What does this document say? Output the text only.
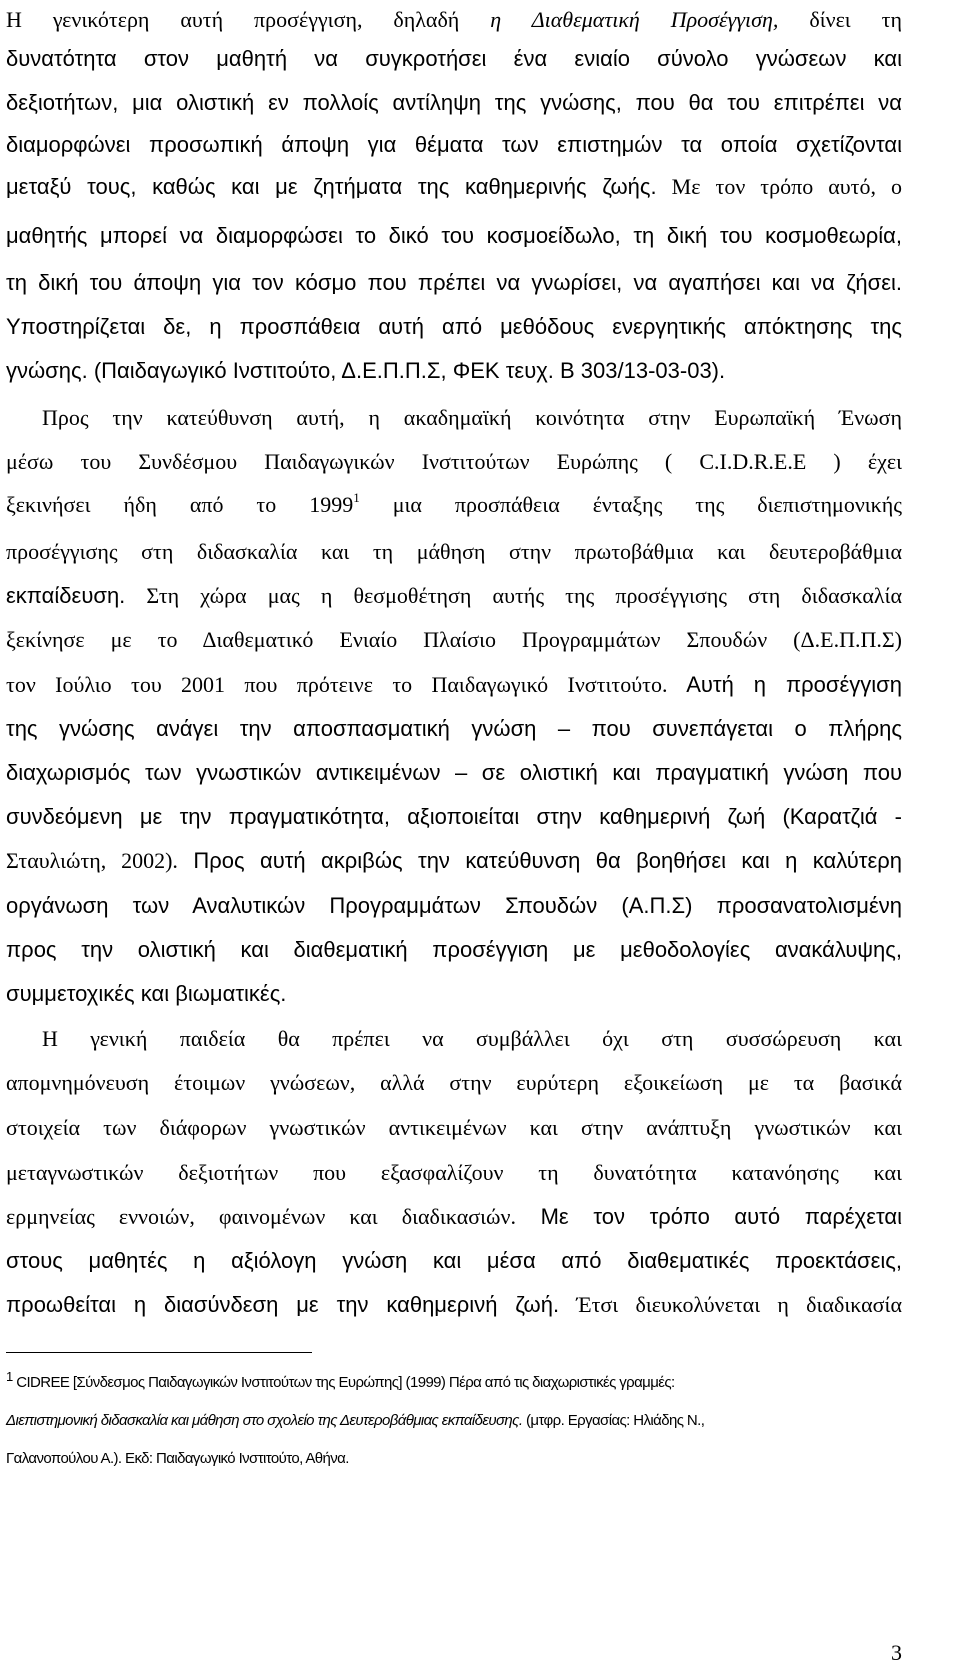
Η γενικότερη αυτή προσέγγιση, δηλαδή η Διαθεματική Προσέγγιση, δίνει τη
δυνατότητα στον μαθητή να συγκροτήσει ένα ενιαίο σύνολο γνώσεων και
δεξιοτήτων, μια ολιστική εν πολλοίς αντίληψη της γνώσης, που θα του επιτρέπει να
διαμορφώνει προσωπική άποψη για θέματα των επιστημών τα οποία σχετίζονται
μεταξύ τους, καθώς και με ζητήματα της καθημερινής ζωής. Με τον τρόπο αυτό, ο
μαθητής μπορεί να διαμορφώσει το δικό του κοσμοείδωλο, τη δική του κοσμοθεωρία,
τη δική του άποψη για τον κόσμο που πρέπει να γνωρίσει, να αγαπήσει και να ζήσει.
Υποστηρίζεται δε, η προσπάθεια αυτή από μεθόδους ενεργητικής απόκτησης της
γνώσης. (Παιδαγωγικό Ινστιτούτο, Δ.Ε.Π.Π.Σ, ΦΕΚ τευχ. Β 303/13-03-03).
Προς την κατεύθυνση αυτή, η ακαδημαϊκή κοινότητα στην Ευρωπαϊκή Ένωση
μέσω του Συνδέσμου Παιδαγωγικών Ινστιτούτων Ευρώπης ( C.I.D.R.E.E ) έχει
ξεκινήσει ήδη από το 1999$^1$ μια προσπάθεια ένταξης της διεπιστημονικής
προσέγγισης στη διδασκαλία και τη μάθηση στην πρωτοβάθμια και δευτεροβάθμια
εκπαίδευση. Στη χώρα μας η θεσμοθέτηση αυτής της προσέγγισης στη διδασκαλία
ξεκίνησε με το Διαθεματικό Ενιαίο Πλαίσιο Προγραμμάτων Σπουδών (Δ.Ε.Π.Π.Σ)
τον Ιούλιο του 2001 που πρότεινε το Παιδαγωγικό Ινστιτούτο. Αυτή η προσέγγιση
της γνώσης ανάγει την αποσπασματική γνώση – που συνεπάγεται ο πλήρης
διαχωρισμός των γνωστικών αντικειμένων – σε ολιστική και πραγματική γνώση που
συνδεόμενη με την πραγματικότητα, αξιοποιείται στην καθημερινή ζωή (Καρατζιά -
Σταυλιώτη, 2002). Προς αυτή ακριβώς την κατεύθυνση θα βοηθήσει και η καλύτερη
οργάνωση των Αναλυτικών Προγραμμάτων Σπουδών (Α.Π.Σ) προσανατολισμένη
προς την ολιστική και διαθεματική προσέγγιση με μεθοδολογίες ανακάλυψης,
συμμετοχικές και βιωματικές.
Η γενική παιδεία θα πρέπει να συμβάλλει όχι στη συσσώρευση και
απομνημόνευση έτοιμων γνώσεων, αλλά στην ευρύτερη εξοικείωση με τα βασικά
στοιχεία των διάφορων γνωστικών αντικειμένων και στην ανάπτυξη γνωστικών και
μεταγνωστικών δεξιοτήτων που εξασφαλίζουν τη δυνατότητα κατανόησης και
ερμηνείας εννοιών, φαινομένων και διαδικασιών. Με τον τρόπο αυτό παρέχεται
στους μαθητές η αξιόλογη γνώση και μέσα από διαθεματικές προεκτάσεις,
προωθείται η διασύνδεση με την καθημερινή ζωή. Έτσι διευκολύνεται η διαδικασία
$^1$ CIDREE [Σύνδεσμος Παιδαγωγικών Ινστιτούτων της Ευρώπης] (1999) Πέρα από τις διαχωριστικές γραμμές:
Διεπιστημονική διδασκαλία και μάθηση στο σχολείο της Δευτεροβάθμιας εκπαίδευσης. (μτφρ. Εργασίας: Ηλιάδης Ν.,
Γαλανοπούλου Α.). Εκδ: Παιδαγωγικό Ινστιτούτο, Αθήνα.
3
